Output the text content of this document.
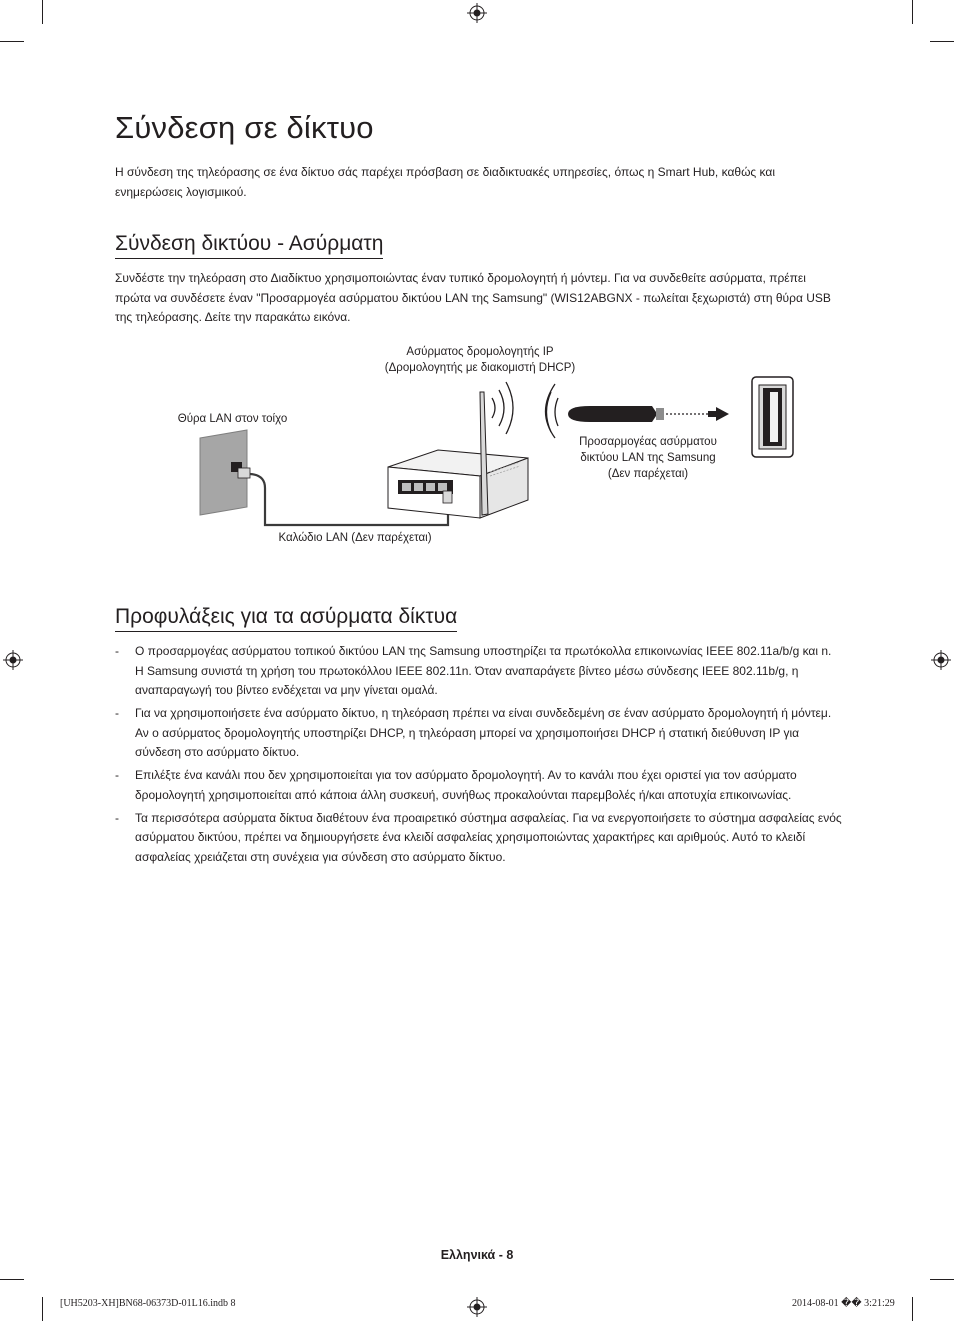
Σύνδεση σε δίκτυο

Η σύνδεση της τηλεόρασης σε ένα δίκτυο σάς παρέχει πρόσβαση σε διαδικτυακές υπηρεσίες, όπως η Smart Hub, καθώς και ενημερώσεις λογισμικού.

Σύνδεση δικτύου - Ασύρματη

Συνδέστε την τηλεόραση στο Διαδίκτυο χρησιμοποιώντας έναν τυπικό δρομολογητή ή μόντεμ. Για να συνδεθείτε ασύρματα, πρέπει πρώτα να συνδέσετε έναν "Προσαρμογέα ασύρματου δικτύου LAN της Samsung" (WIS12ABGNX - πωλείται ξεχωριστά) στη θύρα USB της τηλεόρασης. Δείτε την παρακάτω εικόνα.

Ασύρματος δρομολογητής IP
(Δρομολογητής με διακομιστή DHCP)
Θύρα LAN στον τοίχο
Προσαρμογέας ασύρματου
δικτύου LAN της Samsung
(Δεν παρέχεται)
Καλώδιο LAN (Δεν παρέχεται)
Προφυλάξεις για τα ασύρματα δίκτυα
- Ο προσαρμογέας ασύρματου τοπικού δικτύου LAN της Samsung υποστηρίζει τα πρωτόκολλα επικοινωνίας IEEE 802.11a/b/g και n. Η Samsung συνιστά τη χρήση του πρωτοκόλλου IEEE 802.11n. Όταν αναπαράγετε βίντεο μέσω σύνδεσης IEEE 802.11b/g, η αναπαραγωγή του βίντεο ενδέχεται να μην γίνεται ομαλά.
- Για να χρησιμοποιήσετε ένα ασύρματο δίκτυο, η τηλεόραση πρέπει να είναι συνδεδεμένη σε έναν ασύρματο δρομολογητή ή μόντεμ. Αν ο ασύρματος δρομολογητής υποστηρίζει DHCP, η τηλεόραση μπορεί να χρησιμοποιήσει DHCP ή στατική διεύθυνση IP για σύνδεση στο ασύρματο δίκτυο.
- Επιλέξτε ένα κανάλι που δεν χρησιμοποιείται για τον ασύρματο δρομολογητή. Αν το κανάλι που έχει οριστεί για τον ασύρματο δρομολογητή χρησιμοποιείται από κάποια άλλη συσκευή, συνήθως προκαλούνται παρεμβολές ή/και αποτυχία επικοινωνίας.
- Τα περισσότερα ασύρματα δίκτυα διαθέτουν ένα προαιρετικό σύστημα ασφαλείας. Για να ενεργοποιήσετε το σύστημα ασφαλείας ενός ασύρματου δικτύου, πρέπει να δημιουργήσετε ένα κλειδί ασφαλείας χρησιμοποιώντας χαρακτήρες και αριθμούς. Αυτό το κλειδί ασφαλείας χρειάζεται στη συνέχεια για σύνδεση στο ασύρματο δίκτυο.
Ελληνικά - 8
[UH5203-XH]BN68-06373D-01L16.indb 8	2014-08-01 �� 3:21:29
